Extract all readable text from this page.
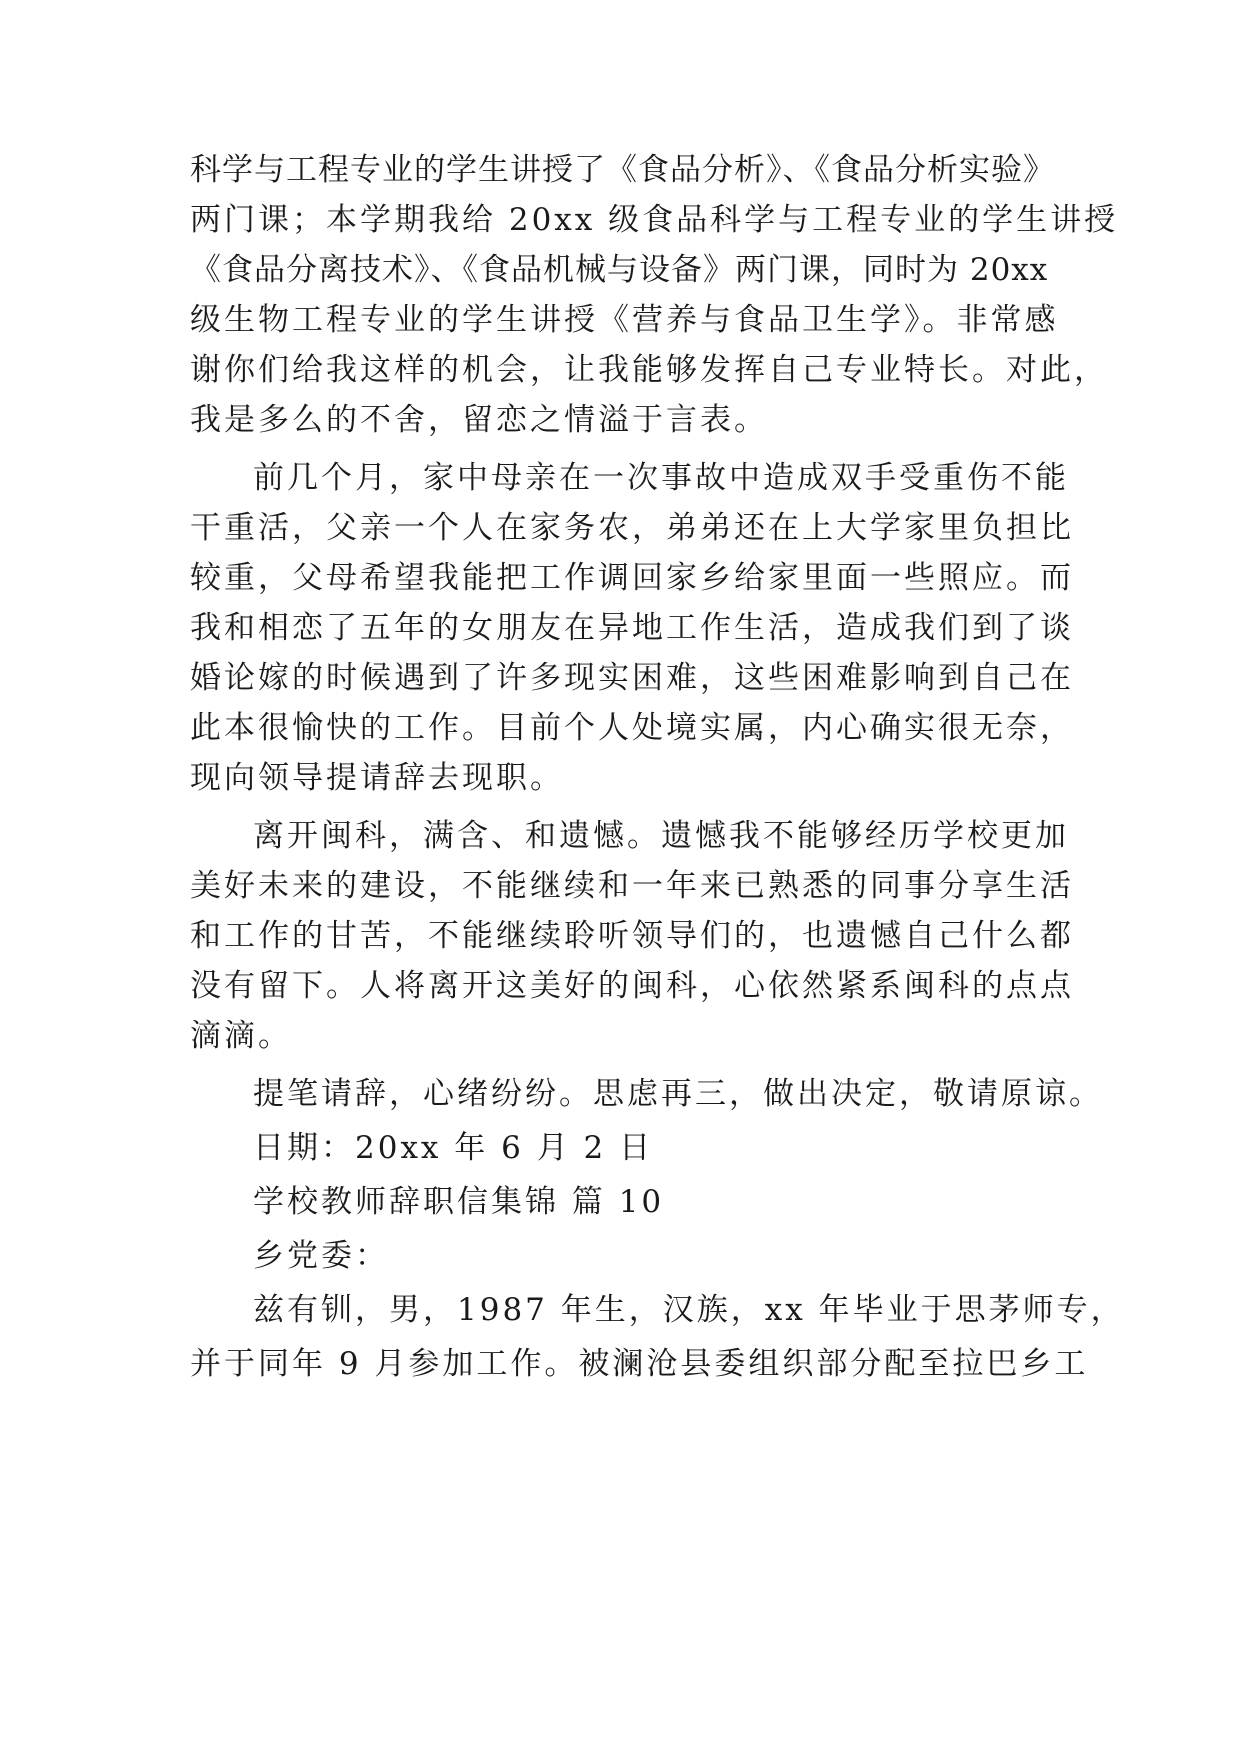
科学与工程专业的学生讲授了《食品分析》、《食品分析实验》
两门课；本学期我给 20xx 级食品科学与工程专业的学生讲授
《食品分离技术》、《食品机械与设备》两门课，同时为 20xx
级生物工程专业的学生讲授《营养与食品卫生学》。非常感
谢你们给我这样的机会，让我能够发挥自己专业特长。对此，
我是多么的不舍，留恋之情溢于言表。
前几个月，家中母亲在一次事故中造成双手受重伤不能
干重活，父亲一个人在家务农，弟弟还在上大学家里负担比
较重，父母希望我能把工作调回家乡给家里面一些照应。而
我和相恋了五年的女朋友在异地工作生活，造成我们到了谈
婚论嫁的时候遇到了许多现实困难，这些困难影响到自己在
此本很愉快的工作。目前个人处境实属，内心确实很无奈，
现向领导提请辞去现职。
离开闽科，满含、和遗憾。遗憾我不能够经历学校更加
美好未来的建设，不能继续和一年来已熟悉的同事分享生活
和工作的甘苦，不能继续聆听领导们的，也遗憾自己什么都
没有留下。人将离开这美好的闽科，心依然紧系闽科的点点
滴滴。
提笔请辞，心绪纷纷。思虑再三，做出决定，敬请原谅。
日期：20xx 年 6 月 2 日
学校教师辞职信集锦 篇 10
乡党委：
兹有钏，男，1987 年生，汉族，xx 年毕业于思茅师专，
并于同年 9 月参加工作。被澜沧县委组织部分配至拉巴乡工
